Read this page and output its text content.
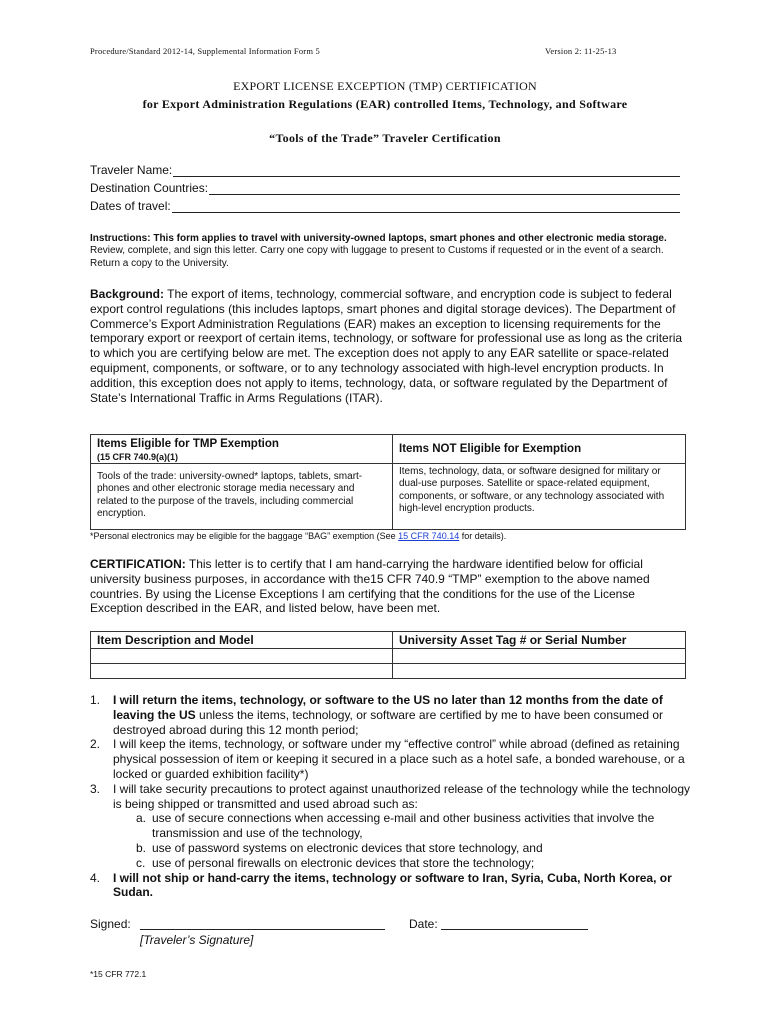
Procedure/Standard 2012-14, Supplemental Information Form 5	Version 2: 11-25-13
EXPORT LICENSE EXCEPTION (TMP) CERTIFICATION
for Export Administration Regulations (EAR) controlled Items, Technology, and Software
“Tools of the Trade” Traveler Certification
Traveler Name:
Destination Countries:
Dates of travel:
Instructions: This form applies to travel with university-owned laptops, smart phones and other electronic media storage. Review, complete, and sign this letter. Carry one copy with luggage to present to Customs if requested or in the event of a search. Return a copy to the University.
Background: The export of items, technology, commercial software, and encryption code is subject to federal export control regulations (this includes laptops, smart phones and digital storage devices). The Department of Commerce’s Export Administration Regulations (EAR) makes an exception to licensing requirements for the temporary export or reexport of certain items, technology, or software for professional use as long as the criteria to which you are certifying below are met. The exception does not apply to any EAR satellite or space-related equipment, components, or software, or to any technology associated with high-level encryption products. In addition, this exception does not apply to items, technology, data, or software regulated by the Department of State’s International Traffic in Arms Regulations (ITAR).
Items Eligible for TMP Exemption
(15 CFR 740.9(a)(1)
Items NOT Eligible for Exemption
Tools of the trade: university-owned* laptops, tablets, smart-phones and other electronic storage media necessary and related to the purpose of the travels, including commercial encryption.
Items, technology, data, or software designed for military or dual-use purposes. Satellite or space-related equipment, components, or software, or any technology associated with high-level encryption products.
*Personal electronics may be eligible for the baggage “BAG” exemption (See 15 CFR 740.14 for details).
CERTIFICATION: This letter is to certify that I am hand-carrying the hardware identified below for official university business purposes, in accordance with the15 CFR 740.9 “TMP” exemption to the above named countries. By using the License Exceptions I am certifying that the conditions for the use of the License Exception described in the EAR, and listed below, have been met.
Item Description and Model	University Asset Tag # or Serial Number
1. I will return the items, technology, or software to the US no later than 12 months from the date of leaving the US unless the items, technology, or software are certified by me to have been consumed or destroyed abroad during this 12 month period;
2. I will keep the items, technology, or software under my “effective control” while abroad (defined as retaining physical possession of item or keeping it secured in a place such as a hotel safe, a bonded warehouse, or a locked or guarded exhibition facility*)
3. I will take security precautions to protect against unauthorized release of the technology while the technology is being shipped or transmitted and used abroad such as:
a. use of secure connections when accessing e-mail and other business activities that involve the transmission and use of the technology,
b. use of password systems on electronic devices that store technology, and
c. use of personal firewalls on electronic devices that store the technology;
4. I will not ship or hand-carry the items, technology or software to Iran, Syria, Cuba, North Korea, or Sudan.
Signed:
[Traveler’s Signature]
Date:
*15 CFR 772.1
